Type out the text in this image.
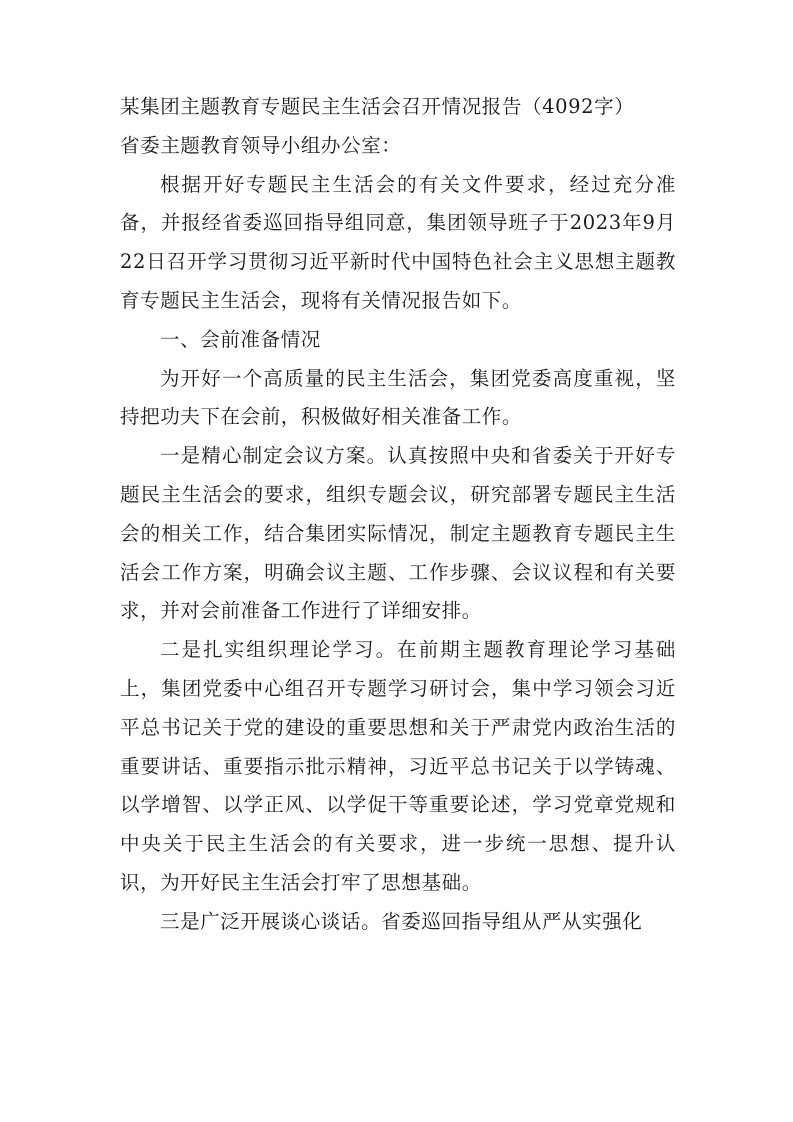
某集团主题教育专题民主生活会召开情况报告（4092字）

省委主题教育领导小组办公室：

根据开好专题民主生活会的有关文件要求，经过充分准备，并报经省委巡回指导组同意，集团领导班子于2023年9月22日召开学习贯彻习近平新时代中国特色社会主义思想主题教育专题民主生活会，现将有关情况报告如下。

一、会前准备情况

为开好一个高质量的民主生活会，集团党委高度重视，坚持把功夫下在会前，积极做好相关准备工作。

一是精心制定会议方案。认真按照中央和省委关于开好专题民主生活会的要求，组织专题会议，研究部署专题民主生活会的相关工作，结合集团实际情况，制定主题教育专题民主生活会工作方案，明确会议主题、工作步骤、会议议程和有关要求，并对会前准备工作进行了详细安排。

二是扎实组织理论学习。在前期主题教育理论学习基础上，集团党委中心组召开专题学习研讨会，集中学习领会习近平总书记关于党的建设的重要思想和关于严肃党内政治生活的重要讲话、重要指示批示精神，习近平总书记关于以学铸魂、以学增智、以学正风、以学促干等重要论述，学习党章党规和中央关于民主生活会的有关要求，进一步统一思想、提升认识，为开好民主生活会打牢了思想基础。

三是广泛开展谈心谈话。省委巡回指导组从严从实强化
